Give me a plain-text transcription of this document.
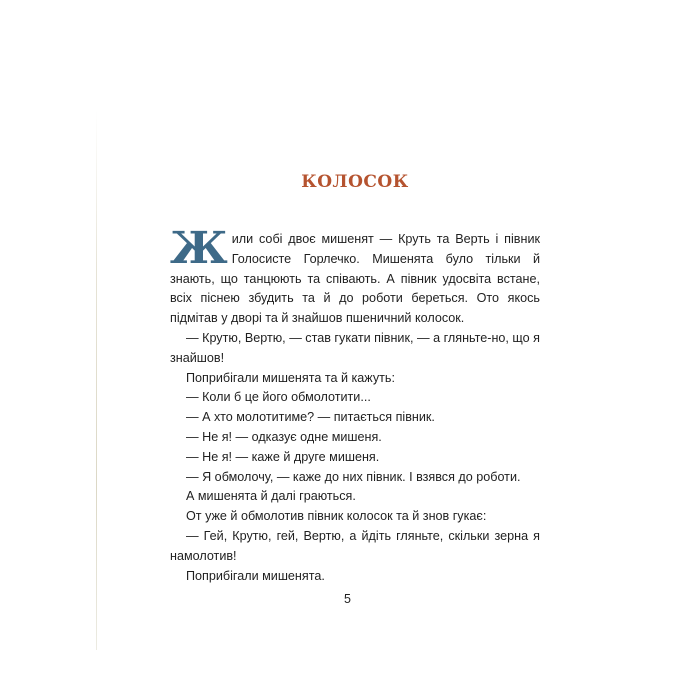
КОЛОСОК

Жили собі двоє мишенят — Круть та Верть і півник Голосисте Горлечко. Мишенята було тільки й знають, що танцюють та співають. А півник удосвіта встане, всіх піснею збудить та й до роботи береться. Ото якось підмітав у дворі та й знайшов пшеничний колосок.

— Крутю, Вертю, — став гукати півник, — а гляньте-но, що я знайшов!

Поприбігали мишенята та й кажуть:

— Коли б це його обмолотити...

— А хто молотитиме? — питається півник.

— Не я! — одказує одне мишеня.

— Не я! — каже й друге мишеня.

— Я обмолочу, — каже до них півник. І взявся до роботи.

А мишенята й далі граються.

От уже й обмолотив півник колосок та й знов гукає:

— Гей, Крутю, гей, Вертю, а йдіть гляньте, скільки зерна я намолотив!

Поприбігали мишенята.

5
